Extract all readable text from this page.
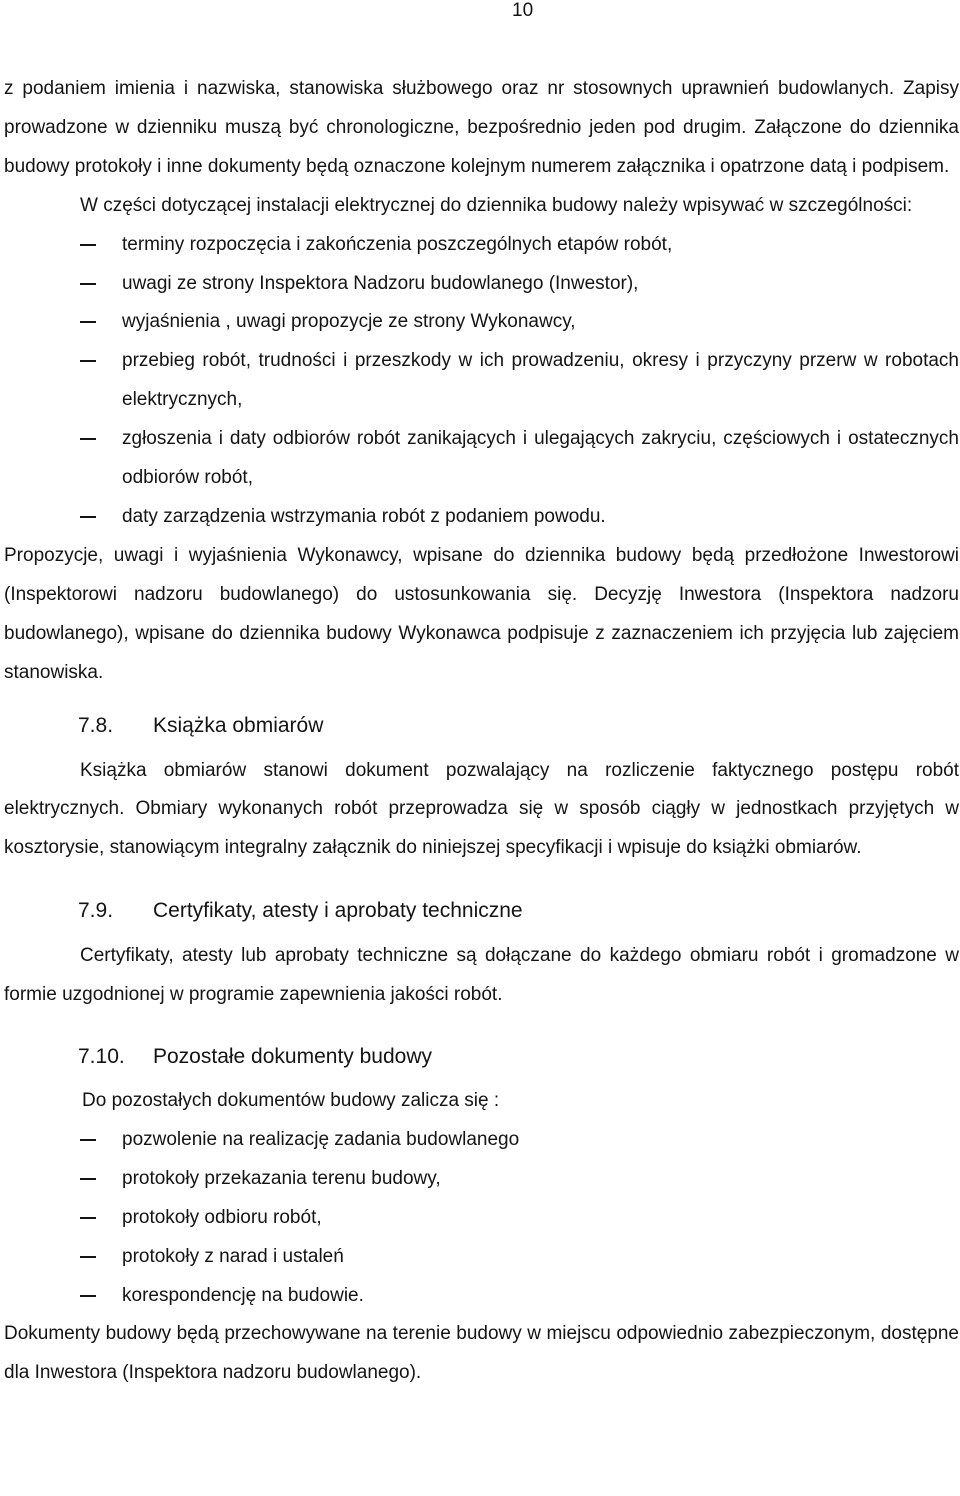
10

z podaniem imienia i nazwiska, stanowiska służbowego oraz nr stosownych uprawnień budowlanych. Zapisy prowadzone w dzienniku muszą być chronologiczne, bezpośrednio jeden pod drugim. Załączone do dziennika budowy protokoły i inne dokumenty będą oznaczone kolejnym numerem załącznika i opatrzone datą i podpisem.

W części dotyczącej instalacji elektrycznej do dziennika budowy należy wpisywać w szczególności:

terminy rozpoczęcia i zakończenia poszczególnych etapów robót,
uwagi ze strony Inspektora Nadzoru budowlanego (Inwestor),
wyjaśnienia , uwagi propozycje ze strony Wykonawcy,
przebieg robót, trudności i przeszkody w ich prowadzeniu, okresy i przyczyny przerw w robotach elektrycznych,
zgłoszenia i daty odbiorów robót zanikających i ulegających zakryciu, częściowych i ostatecznych odbiorów robót,
daty zarządzenia wstrzymania robót z podaniem powodu.

Propozycje, uwagi i wyjaśnienia Wykonawcy, wpisane do dziennika budowy będą przedłożone Inwestorowi (Inspektorowi nadzoru budowlanego) do ustosunkowania się. Decyzję Inwestora (Inspektora nadzoru budowlanego), wpisane do dziennika budowy Wykonawca podpisuje z zaznaczeniem ich przyjęcia lub zajęciem stanowiska.

7.8.	Książka obmiarów

Książka obmiarów stanowi dokument pozwalający na rozliczenie faktycznego postępu robót elektrycznych. Obmiary wykonanych robót przeprowadza się w sposób ciągły w jednostkach przyjętych w kosztorysie, stanowiącym integralny załącznik do niniejszej specyfikacji i wpisuje do książki obmiarów.

7.9.	Certyfikaty, atesty i aprobaty techniczne

Certyfikaty, atesty lub aprobaty techniczne są dołączane do każdego obmiaru robót i gromadzone w formie uzgodnionej w programie zapewnienia jakości robót.

7.10.	Pozostałe dokumenty budowy

Do pozostałych dokumentów budowy zalicza się :

pozwolenie na realizację zadania budowlanego
protokoły przekazania terenu budowy,
protokoły odbioru robót,
protokoły z narad i ustaleń
korespondencję na budowie.

Dokumenty budowy będą przechowywane na terenie budowy w miejscu odpowiednio zabezpieczonym, dostępne dla Inwestora (Inspektora nadzoru budowlanego).
